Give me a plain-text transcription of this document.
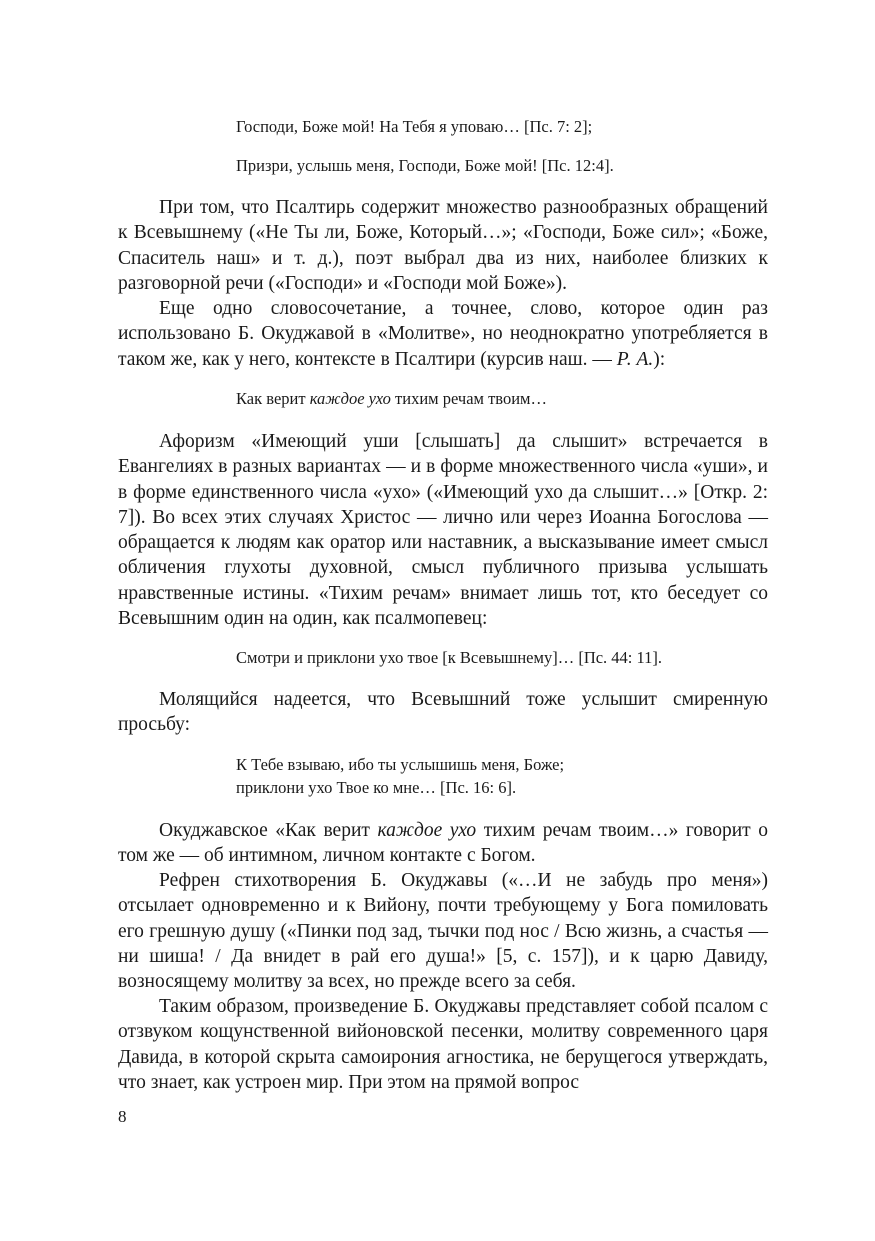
Господи, Боже мой! На Тебя я уповаю… [Пс. 7: 2];
Призри, услышь меня, Господи, Боже мой! [Пс. 12:4].

При том, что Псалтирь содержит множество разнообразных обращений к Всевышнему («Не Ты ли, Боже, Который…»; «Господи, Боже сил»; «Боже, Спаситель наш» и т. д.), поэт выбрал два из них, наиболее близких к разговорной речи («Господи» и «Господи мой Боже»).

Еще одно словосочетание, а точнее, слово, которое один раз использовано Б. Окуджавой в «Молитве», но неоднократно употребляется в таком же, как у него, контексте в Псалтири (курсив наш. — Р. А.):

Как верит каждое ухо тихим речам твоим…

Афоризм «Имеющий уши [слышать] да слышит» встречается в Евангелиях в разных вариантах — и в форме множественного числа «уши», и в форме единственного числа «ухо» («Имеющий ухо да слышит…» [Откр. 2: 7]). Во всех этих случаях Христос — лично или через Иоанна Богослова — обращается к людям как оратор или наставник, а высказывание имеет смысл обличения глухоты духовной, смысл публичного призыва услышать нравственные истины. «Тихим речам» внимает лишь тот, кто беседует со Всевышним один на один, как псалмопевец:

Смотри и приклони ухо твое [к Всевышнему]… [Пс. 44: 11].

Молящийся надеется, что Всевышний тоже услышит смиренную просьбу:

К Тебе взываю, ибо ты услышишь меня, Боже;
приклони ухо Твое ко мне… [Пс. 16: 6].

Окуджавское «Как верит каждое ухо тихим речам твоим…» говорит о том же — об интимном, личном контакте с Богом.

Рефрен стихотворения Б. Окуджавы («…И не забудь про меня») отсылает одновременно и к Вийону, почти требующему у Бога помиловать его грешную душу («Пинки под зад, тычки под нос / Всю жизнь, а счастья — ни шиша! / Да внидет в рай его душа!» [5, с. 157]), и к царю Давиду, возносящему молитву за всех, но прежде всего за себя.

Таким образом, произведение Б. Окуджавы представляет собой псалом с отзвуком кощунственной вийоновской песенки, молитву современного царя Давида, в которой скрыта самоирония агностика, не берущегося утверждать, что знает, как устроен мир. При этом на прямой вопрос

8
